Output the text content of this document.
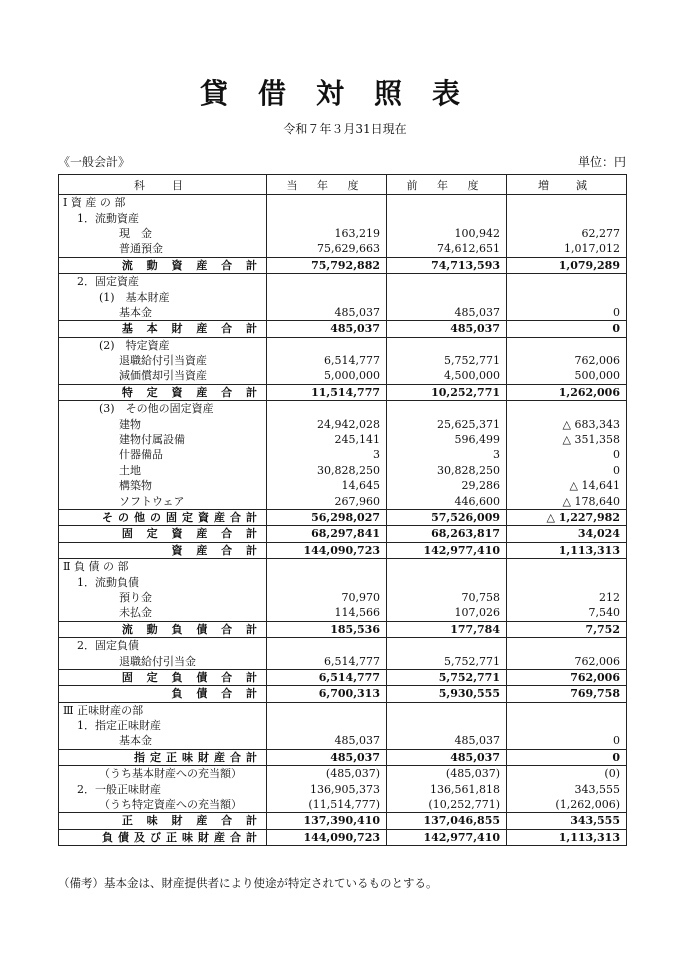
貸借対照表
令和７年３月31日現在
《一般会計》	単位：円
科　目	当 年 度	前 年 度	増　減
Ⅰ 資 産 の 部			
1．流動資産			
現　金	163,219	100,942	62,277
普通預金	75,629,663	74,612,651	1,017,012
流 動 資 産 合 計	75,792,882	74,713,593	1,079,289
2．固定資産			
(1)　基本財産			
基本金	485,037	485,037	0
基 本 財 産 合 計	485,037	485,037	0
(2)　特定資産			
退職給付引当資産	6,514,777	5,752,771	762,006
減価償却引当資産	5,000,000	4,500,000	500,000
特 定 資 産 合 計	11,514,777	10,252,771	1,262,006
(3)　その他の固定資産			
建物	24,942,028	25,625,371	△ 683,343
建物付属設備	245,141	596,499	△ 351,358
什器備品	3	3	0
土地	30,828,250	30,828,250	0
構築物	14,645	29,286	△ 14,641
ソフトウェア	267,960	446,600	△ 178,640
その他の固定資産合計	56,298,027	57,526,009	△ 1,227,982
固 定 資 産 合 計	68,297,841	68,263,817	34,024
資 産 合 計	144,090,723	142,977,410	1,113,313
Ⅱ 負 債 の 部			
1．流動負債			
預り金	70,970	70,758	212
未払金	114,566	107,026	7,540
流 動 負 債 合 計	185,536	177,784	7,752
2．固定負債			
退職給付引当金	6,514,777	5,752,771	762,006
固 定 負 債 合 計	6,514,777	5,752,771	762,006
負 債 合 計	6,700,313	5,930,555	769,758
Ⅲ 正味財産の部			
1．指定正味財産			
基本金	485,037	485,037	0
指定正味財産合計	485,037	485,037	0
（うち基本財産への充当額）	(485,037)	(485,037)	(0)
2．一般正味財産	136,905,373	136,561,818	343,555
（うち特定資産への充当額）	(11,514,777)	(10,252,771)	(1,262,006)
正 味 財 産 合 計	137,390,410	137,046,855	343,555
負債及び正味財産合計	144,090,723	142,977,410	1,113,313
（備考）基本金は、財産提供者により使途が特定されているものとする。
